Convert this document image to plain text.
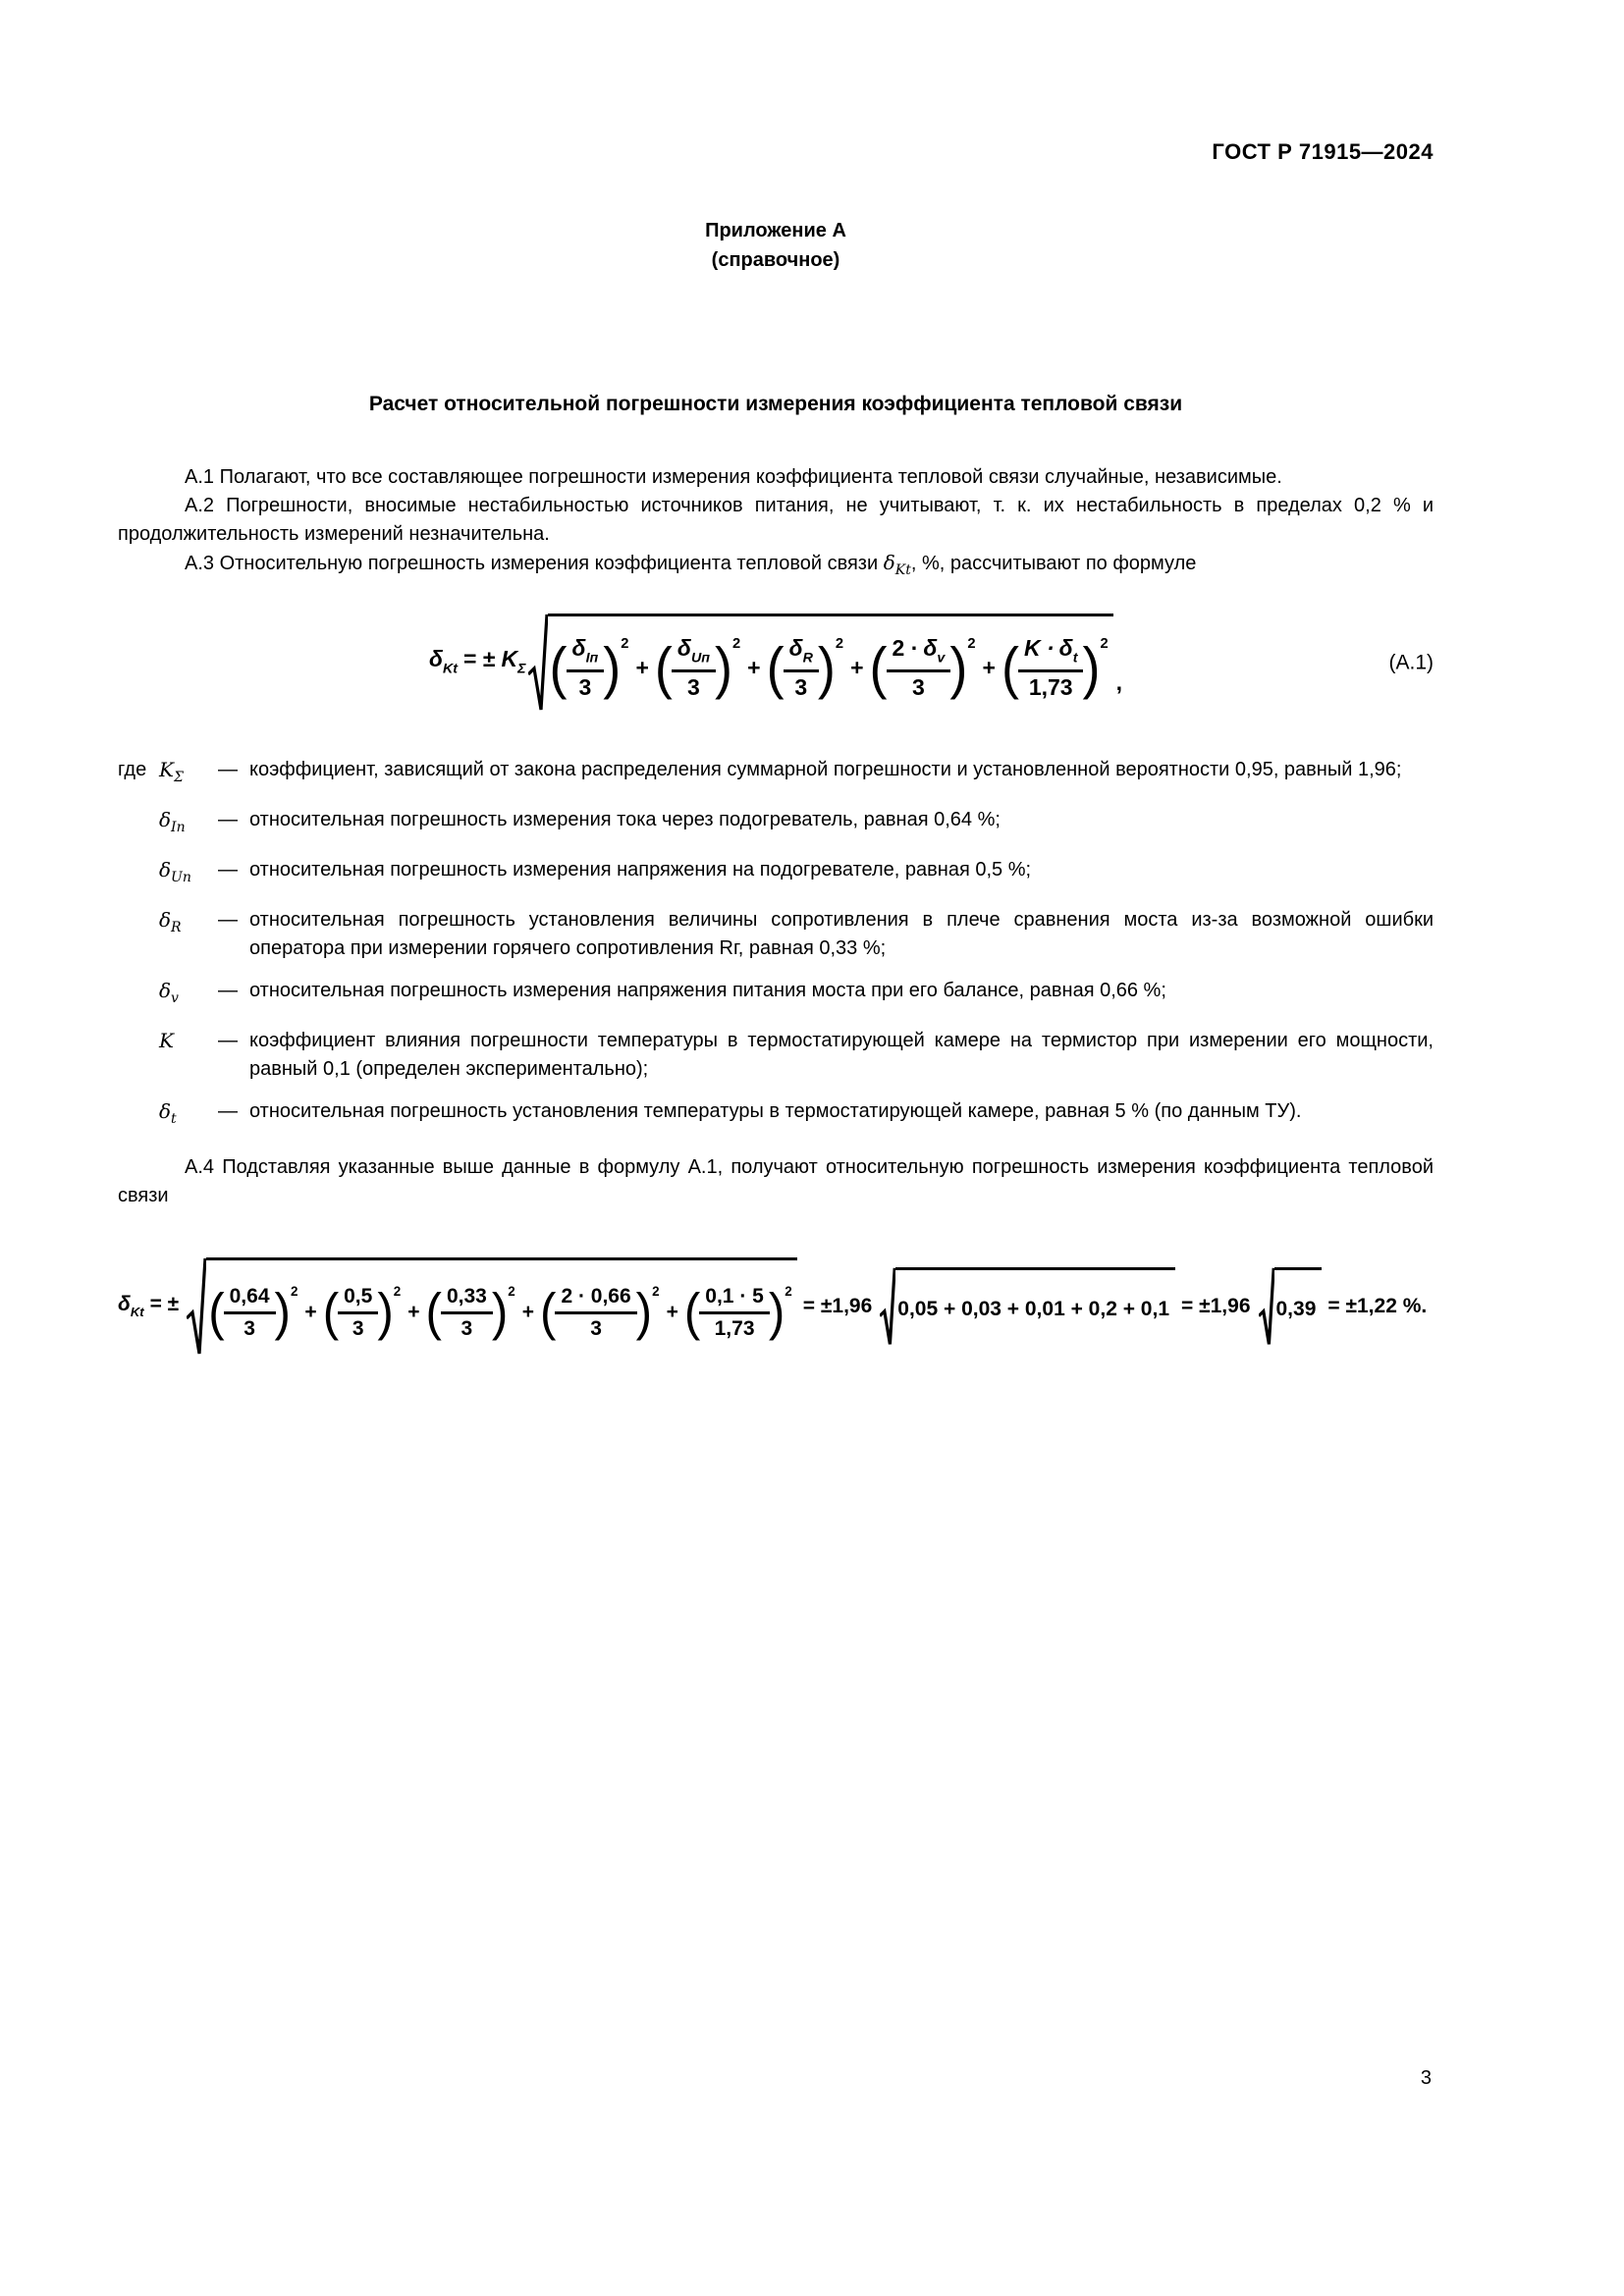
ГОСТ Р 71915—2024
Приложение А
(справочное)
Расчет относительной погрешности измерения коэффициента тепловой связи

А.1 Полагают, что все составляющее погрешности измерения коэффициента тепловой связи случайные, независимые.

А.2 Погрешности, вносимые нестабильностью источников питания, не учитывают, т. к. их нестабильность в пределах 0,2 % и продолжительность измерений незначительна.

А.3 Относительную погрешность измерения коэффициента тепловой связи $\delta_{Kt}$, %, рассчитывают по формуле

$\delta_{Kt}$ = ± $K_\Sigma$ ( $\frac{\delta_{Iп}}{3}$ ) 2
+ ( $\frac{\delta_{Uп}}{3}$ ) 2
+ ( $\frac{\delta_R}{3}$ ) 2
+ ( $\frac{2 \cdot \delta_v}{3}$ ) 2
+ ( $\frac{K \cdot \delta_t}{1,73}$ ) 2
,
(А.1)
где $K_\Sigma$	— коэффициент, зависящий от закона распределения суммарной погрешности и установленной вероятности 0,95, равный 1,96;
$\delta_{Iп}$	— относительная погрешность измерения тока через подогреватель, равная 0,64 %;
$\delta_{Uп}$	— относительная погрешность измерения напряжения на подогревателе, равная 0,5 %;
$\delta_R$	— относительная погрешность установления величины сопротивления в плече сравнения моста из-за возможной ошибки оператора при измерении горячего сопротивления Rг, равная 0,33 %;
$\delta_v$	— относительная погрешность измерения напряжения питания моста при его балансе, равная 0,66 %;
K	— коэффициент влияния погрешности температуры в термостатирующей камере на термистор при измерении его мощности, равный 0,1 (определен экспериментально);
$\delta_t$	— относительная погрешность установления температуры в термостатирующей камере, равная 5 % (по данным ТУ).

А.4 Подставляя указанные выше данные в формулу А.1, получают относительную погрешность измерения коэффициента тепловой связи

$\delta_{Kt}$ = ± ( $\frac{0,64}{3}$ ) 2
+ ( $\frac{0,5}{3}$ ) 2
+ ( $\frac{0,33}{3}$ ) 2
+ ( $\frac{2 \cdot 0,66}{3}$ ) 2
+ ( $\frac{0,1 \cdot 5}{1,73}$ ) 2
= ±1,96 0,05 + 0,03 + 0,01 + 0,2 + 0,1 = ±1,96 0,39 = ±1,22 %.
3
